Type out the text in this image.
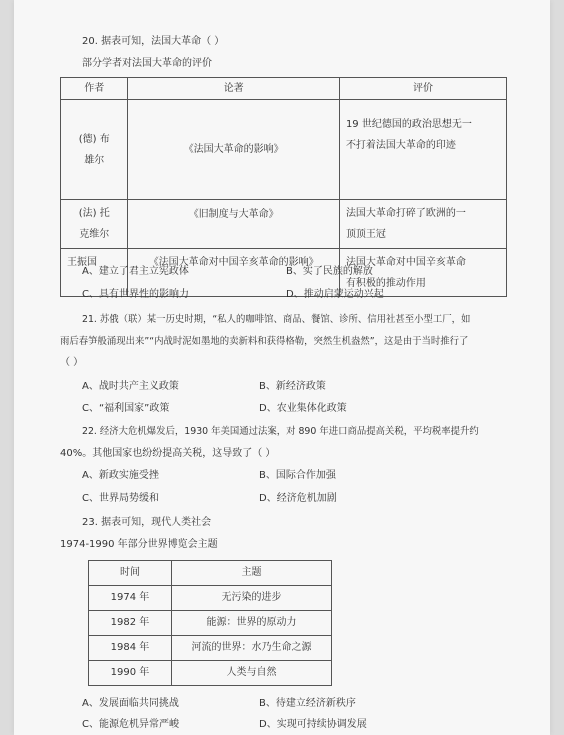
20. 据表可知，法国大革命（ ）
部分学者对法国大革命的评价
作者	论著	评价
(德) 布
雄尔	《法国大革命的影响》	19 世纪德国的政治思想无一
不打着法国大革命的印迹
(法) 托
克维尔	《旧制度与大革命》	法国大革命打碎了欧洲的一
顶顶王冠
王振国	《法国大革命对中国辛亥革命的影响》	法国大革命对中国辛亥革命
有积极的推动作用
A、建立了君主立宪政体	B、实了民族的解放
C、具有世界性的影响力	D、推动启蒙运动兴起
21. 苏俄（联）某一历史时期，“私人的咖啡馆、商品、餐馆、诊所、信用社甚至小型工厂，如
雨后春笋般涌现出来”“内战时泥如墨地的卖新料和获得格勒，突然生机盎然”，这是由于当时推行了
（ ）
A、战时共产主义政策	B、新经济政策
C、“福利国家”政策	D、农业集体化政策
22. 经济大危机爆发后，1930 年美国通过法案，对 890 年进口商品提高关税，平均税率提升约
40%。其他国家也纷纷提高关税，这导致了（ ）
A、新政实施受挫	B、国际合作加强
C、世界局势缓和	D、经济危机加剧
23. 据表可知，现代人类社会
1974-1990 年部分世界博览会主题
时间	主题
1974 年	无污染的进步
1982 年	能源：世界的原动力
1984 年	河流的世界：水乃生命之源
1990 年	人类与自然
A、发展面临共同挑战	B、待建立经济新秩序
C、能源危机异常严峻	D、实现可持续协调发展
